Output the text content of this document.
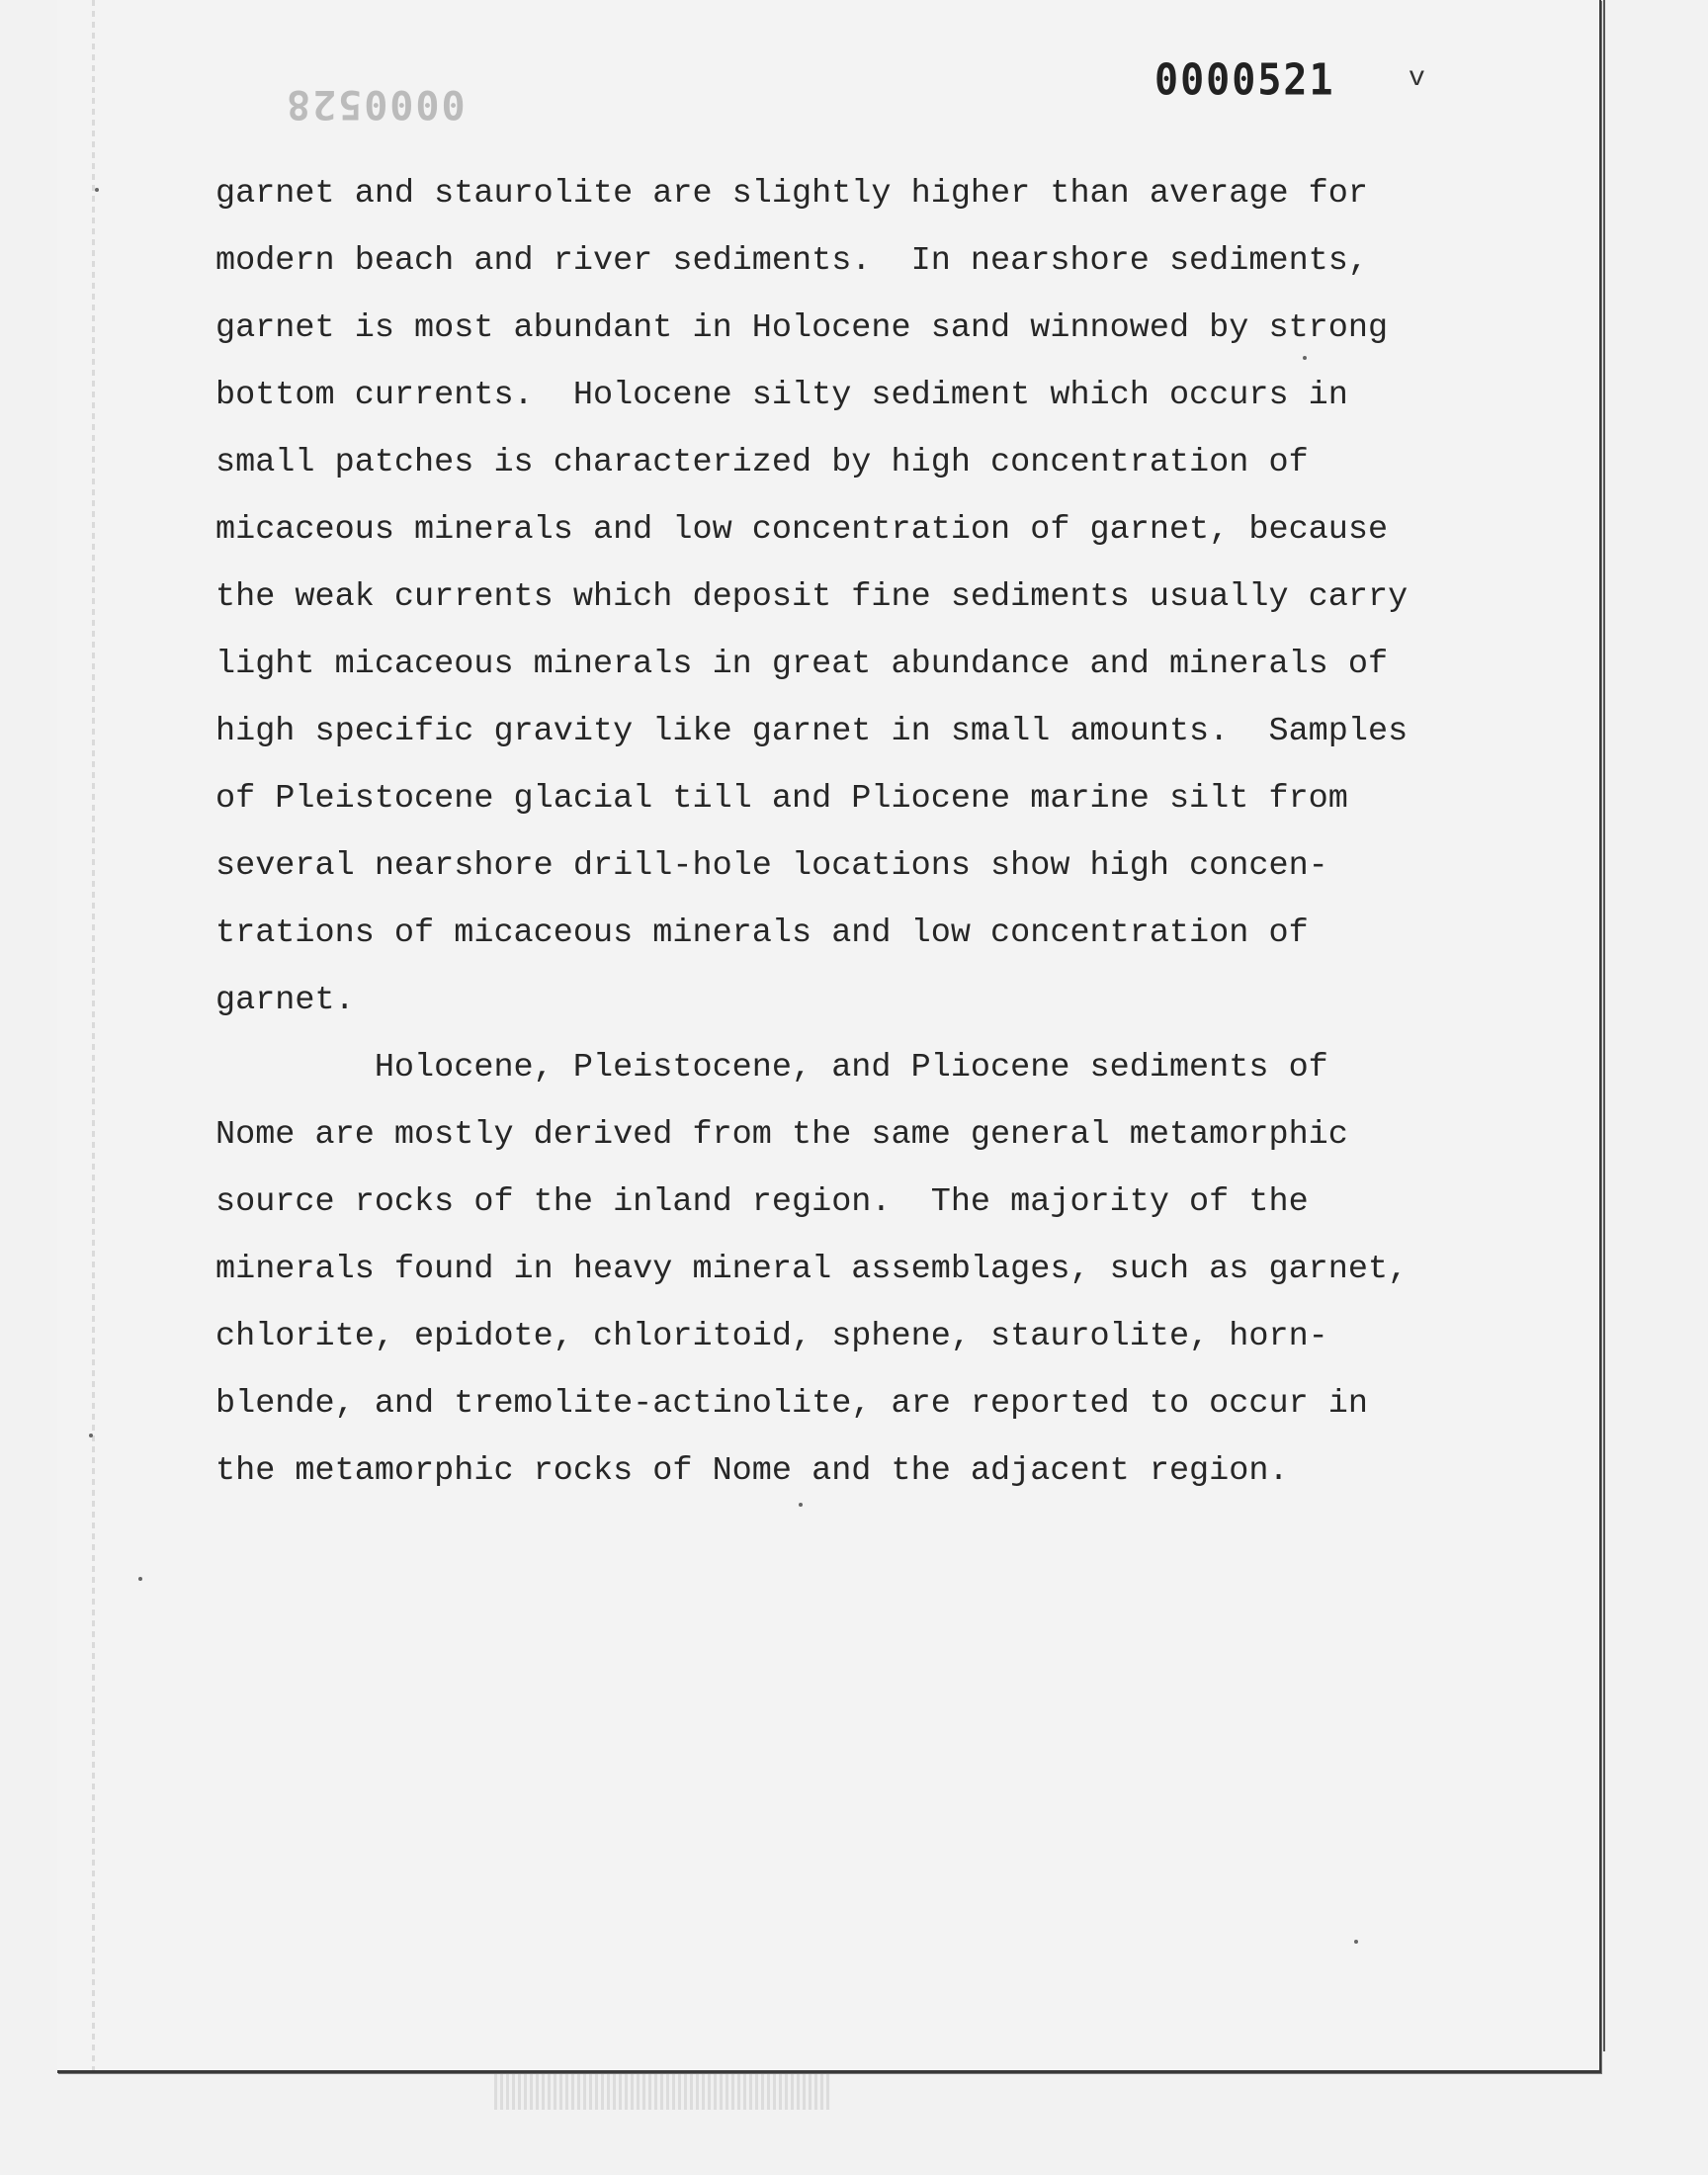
0000528	0000521	v
garnet and staurolite are slightly higher than average for
modern beach and river sediments.  In nearshore sediments,
garnet is most abundant in Holocene sand winnowed by strong
bottom currents.  Holocene silty sediment which occurs in
small patches is characterized by high concentration of
micaceous minerals and low concentration of garnet, because
the weak currents which deposit fine sediments usually carry
light micaceous minerals in great abundance and minerals of
high specific gravity like garnet in small amounts.  Samples
of Pleistocene glacial till and Pliocene marine silt from
several nearshore drill-hole locations show high concen-
trations of micaceous minerals and low concentration of
garnet.
Holocene, Pleistocene, and Pliocene sediments of
Nome are mostly derived from the same general metamorphic
source rocks of the inland region.  The majority of the
minerals found in heavy mineral assemblages, such as garnet,
chlorite, epidote, chloritoid, sphene, staurolite, horn-
blende, and tremolite-actinolite, are reported to occur in
the metamorphic rocks of Nome and the adjacent region.
